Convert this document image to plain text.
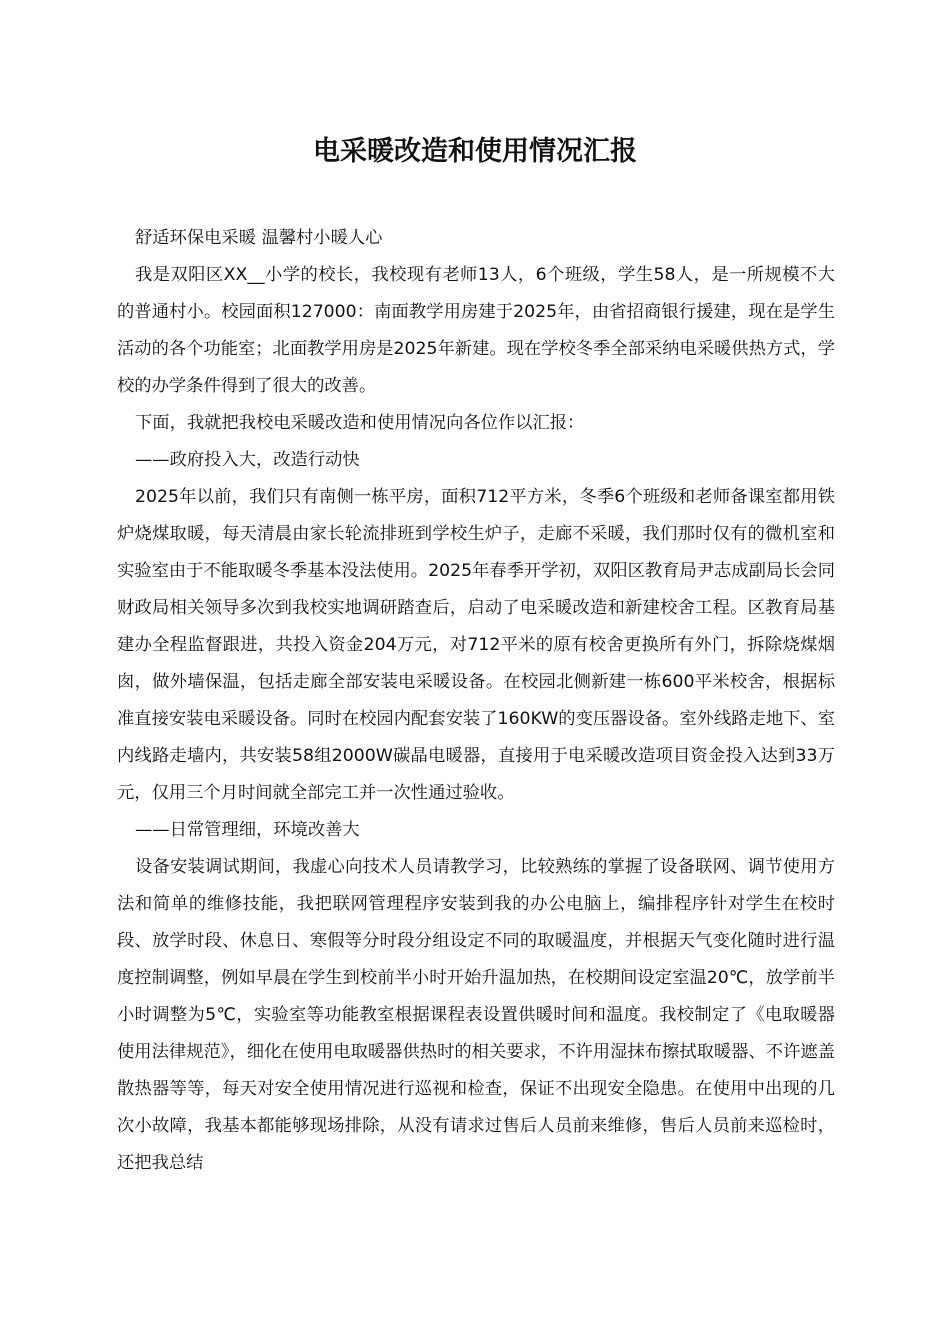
电采暖改造和使用情况汇报

舒适环保电采暖 温馨村小暖人心

我是双阳区XX__小学的校长，我校现有老师13人，6个班级，学生58人，是一所规模不大的普通村小。校园面积127000：南面教学用房建于2025年，由省招商银行援建，现在是学生活动的各个功能室；北面教学用房是2025年新建。现在学校冬季全部采纳电采暖供热方式，学校的办学条件得到了很大的改善。

下面，我就把我校电采暖改造和使用情况向各位作以汇报：

——政府投入大，改造行动快

2025年以前，我们只有南侧一栋平房，面积712平方米，冬季6个班级和老师备课室都用铁炉烧煤取暖，每天清晨由家长轮流排班到学校生炉子，走廊不采暖，我们那时仅有的微机室和实验室由于不能取暖冬季基本没法使用。2025年春季开学初，双阳区教育局尹志成副局长会同财政局相关领导多次到我校实地调研踏查后，启动了电采暖改造和新建校舍工程。区教育局基建办全程监督跟进，共投入资金204万元，对712平米的原有校舍更换所有外门，拆除烧煤烟囱，做外墙保温，包括走廊全部安装电采暖设备。在校园北侧新建一栋600平米校舍，根据标准直接安装电采暖设备。同时在校园内配套安装了160KW的变压器设备。室外线路走地下、室内线路走墙内，共安装58组2000W碳晶电暖器，直接用于电采暖改造项目资金投入达到33万元，仅用三个月时间就全部完工并一次性通过验收。

——日常管理细，环境改善大

设备安装调试期间，我虚心向技术人员请教学习，比较熟练的掌握了设备联网、调节使用方法和简单的维修技能，我把联网管理程序安装到我的办公电脑上，编排程序针对学生在校时段、放学时段、休息日、寒假等分时段分组设定不同的取暖温度，并根据天气变化随时进行温度控制调整，例如早晨在学生到校前半小时开始升温加热，在校期间设定室温20℃，放学前半小时调整为5℃，实验室等功能教室根据课程表设置供暖时间和温度。我校制定了《电取暖器使用法律规范》，细化在使用电取暖器供热时的相关要求，不许用湿抹布擦拭取暖器、不许遮盖散热器等等，每天对安全使用情况进行巡视和检查，保证不出现安全隐患。在使用中出现的几次小故障，我基本都能够现场排除，从没有请求过售后人员前来维修，售后人员前来巡检时，还把我总结
